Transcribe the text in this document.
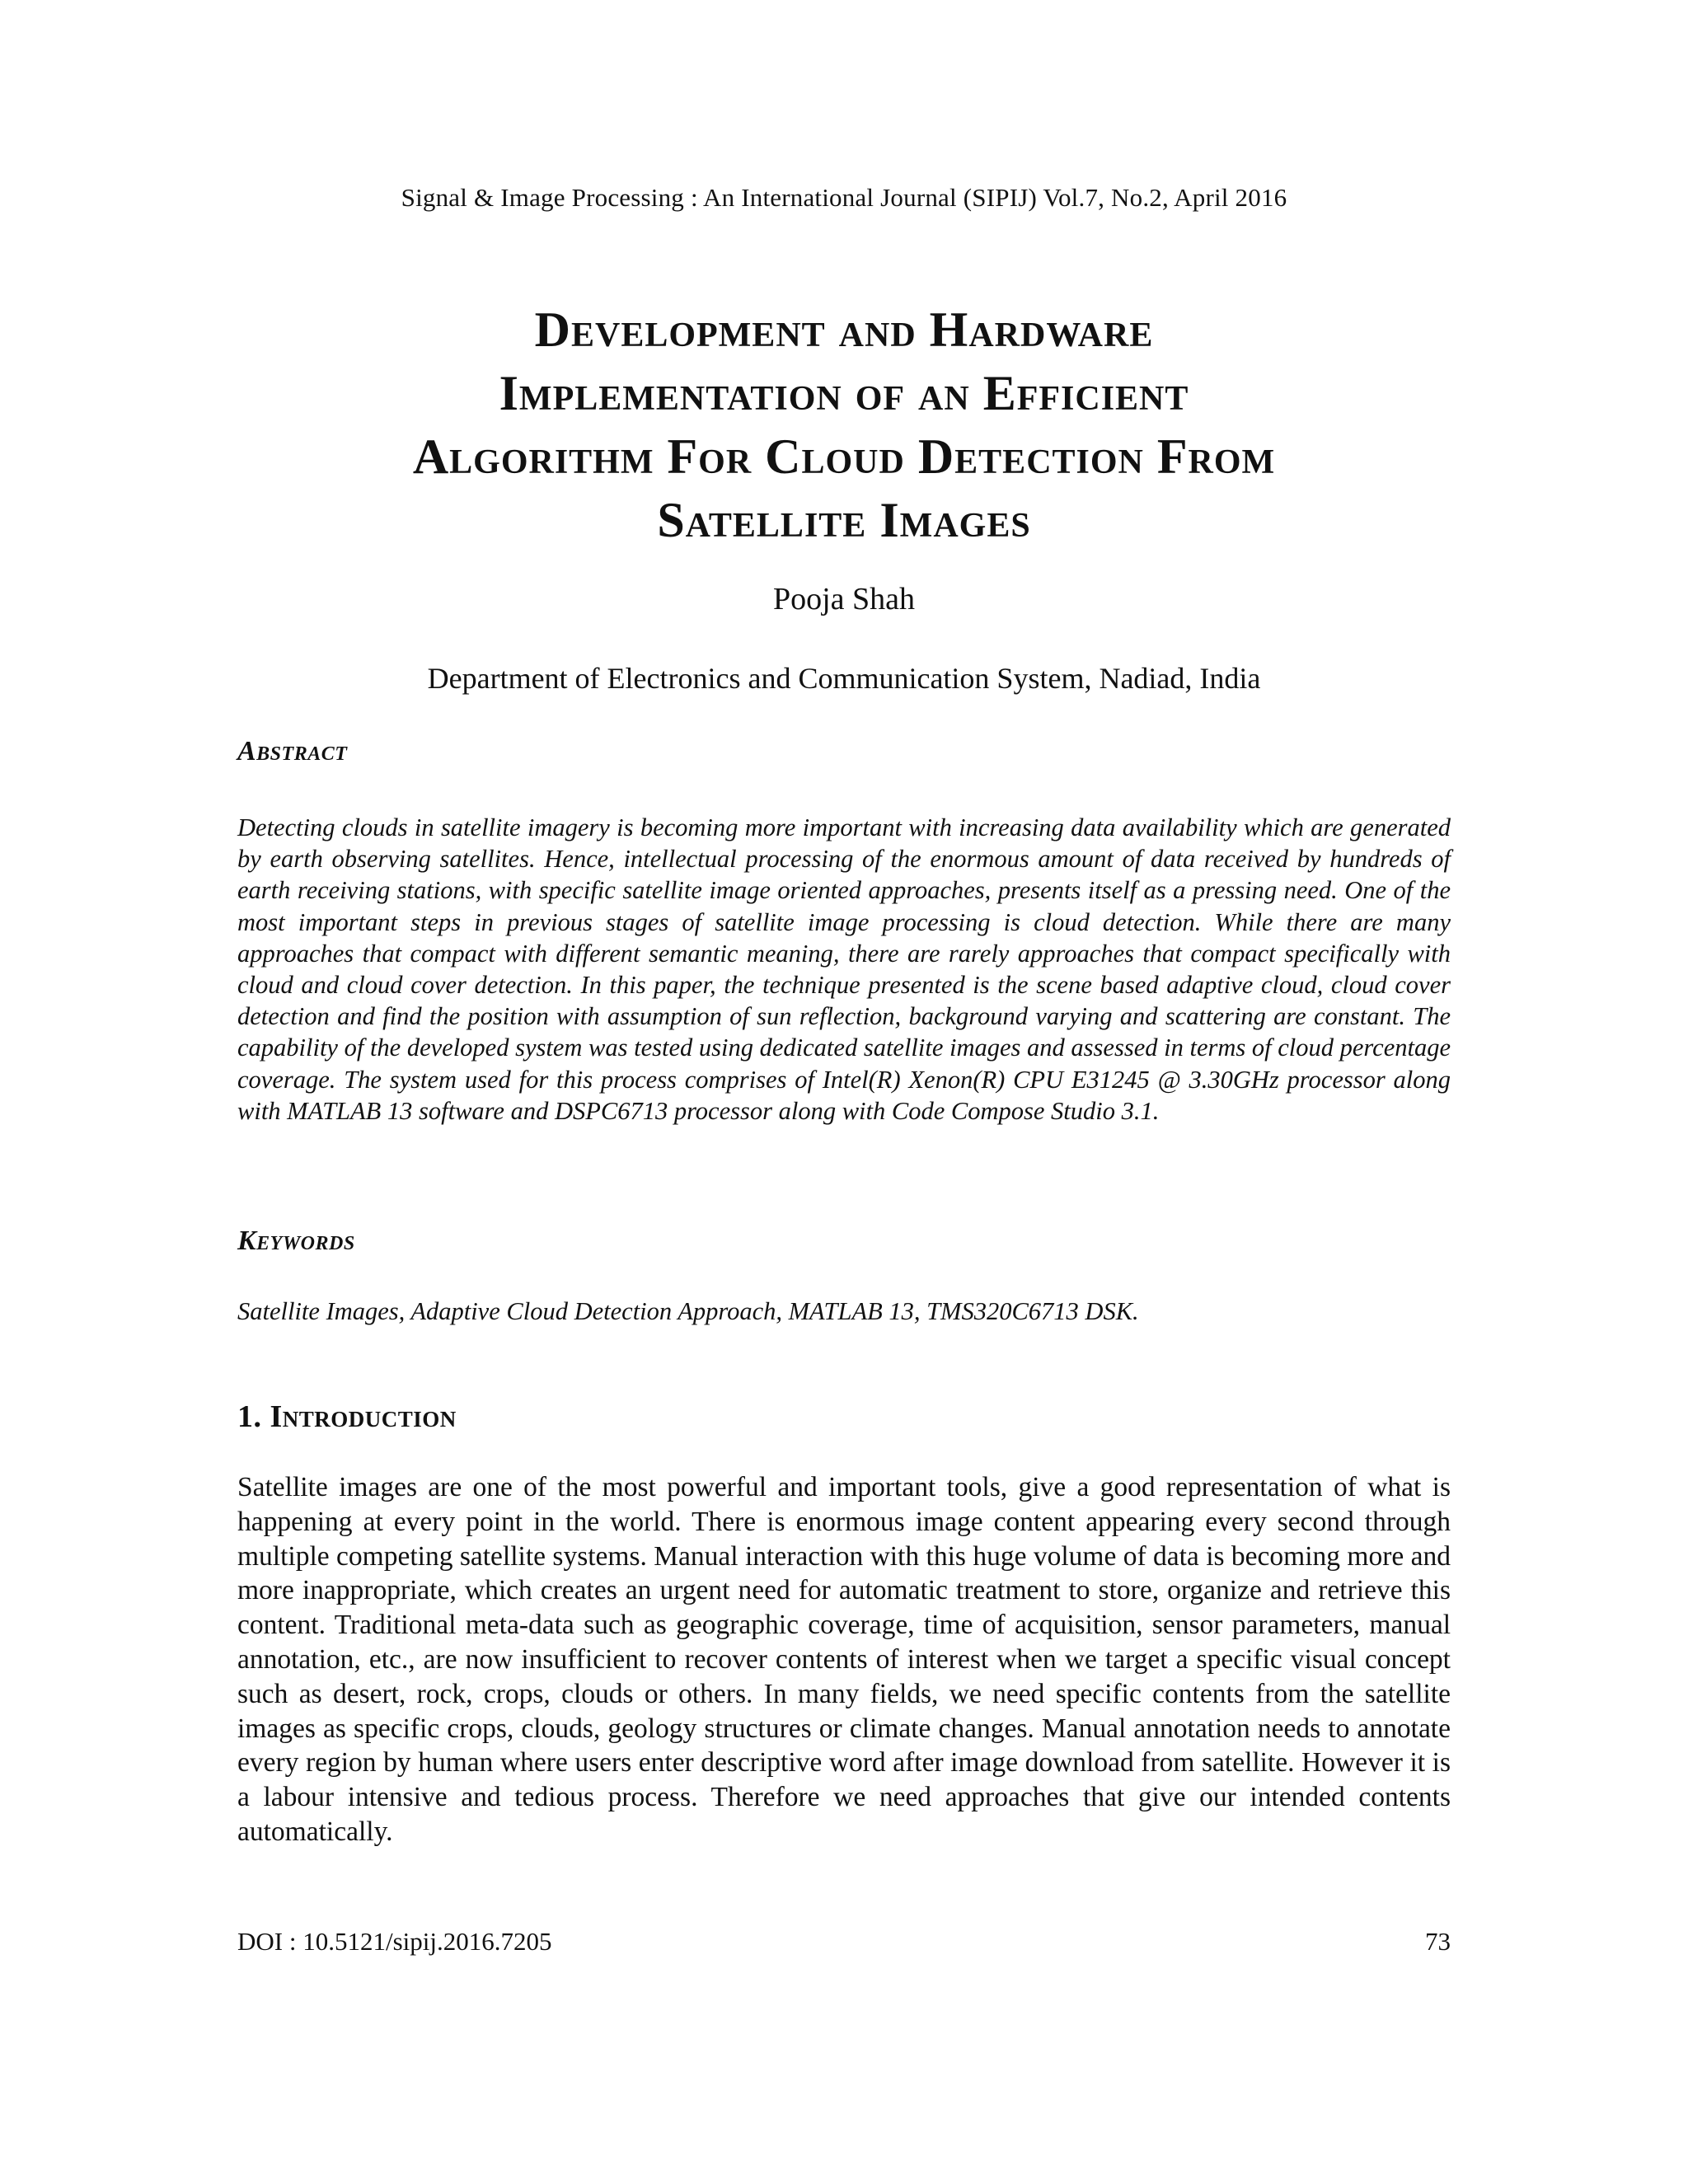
Signal & Image Processing : An International Journal (SIPIJ) Vol.7, No.2, April 2016
Development and Hardware
Implementation of an Efficient
Algorithm For Cloud Detection From
Satellite Images
Pooja Shah
Department of Electronics and Communication System, Nadiad, India
Abstract
Detecting clouds in satellite imagery is becoming more important with increasing data availability which are generated by earth observing satellites. Hence, intellectual processing of the enormous amount of data received by hundreds of earth receiving stations, with specific satellite image oriented approaches, presents itself as a pressing need. One of the most important steps in previous stages of satellite image processing is cloud detection. While there are many approaches that compact with different semantic meaning, there are rarely approaches that compact specifically with cloud and cloud cover detection. In this paper, the technique presented is the scene based adaptive cloud, cloud cover detection and find the position with assumption of sun reflection, background varying and scattering are constant. The capability of the developed system was tested using dedicated satellite images and assessed in terms of cloud percentage coverage. The system used for this process comprises of Intel(R) Xenon(R) CPU E31245 @ 3.30GHz processor along with MATLAB 13 software and DSPC6713 processor along with Code Compose Studio 3.1.
Keywords
Satellite Images, Adaptive Cloud Detection Approach, MATLAB 13, TMS320C6713 DSK.
1. Introduction
Satellite images are one of the most powerful and important tools, give a good representation of what is happening at every point in the world. There is enormous image content appearing every second through multiple competing satellite systems. Manual interaction with this huge volume of data is becoming more and more inappropriate, which creates an urgent need for automatic treatment to store, organize and retrieve this content. Traditional meta-data such as geographic coverage, time of acquisition, sensor parameters, manual annotation, etc., are now insufficient to recover contents of interest when we target a specific visual concept such as desert, rock, crops, clouds or others. In many fields, we need specific contents from the satellite images as specific crops, clouds, geology structures or climate changes. Manual annotation needs to annotate every region by human where users enter descriptive word after image download from satellite. However it is a labour intensive and tedious process. Therefore we need approaches that give our intended contents automatically.
DOI : 10.5121/sipij.2016.7205	73
